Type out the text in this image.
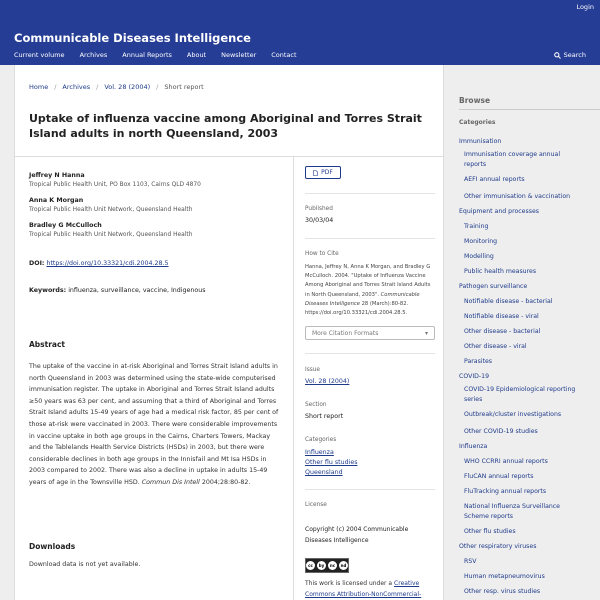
Login
Communicable Diseases Intelligence
Current volume Archives Annual Reports About Newsletter Contact	Search
Home / Archives / Vol. 28 (2004) / Short report
Uptake of influenza vaccine among Aboriginal and Torres Strait Island adults in north Queensland, 2003
Jeffrey N Hanna
Tropical Public Health Unit, PO Box 1103, Cairns QLD 4870
Anna K Morgan
Tropical Public Health Unit Network, Queensland Health
Bradley G McCulloch
Tropical Public Health Unit Network, Queensland Health
DOI: https://doi.org/10.33321/cdi.2004.28.5
Keywords: influenza, surveillance, vaccine, Indigenous
Abstract
The uptake of the vaccine in at-risk Aboriginal and Torres Strait Island adults in north Queensland in 2003 was determined using the state-wide computerised immunisation register. The uptake in Aboriginal and Torres Strait Island adults ≥50 years was 63 per cent, and assuming that a third of Aboriginal and Torres Strait Island adults 15-49 years of age had a medical risk factor, 85 per cent of those at-risk were vaccinated in 2003. There were considerable improvements in vaccine uptake in both age groups in the Cairns, Charters Towers, Mackay and the Tablelands Health Service Districts (HSDs) in 2003, but there were considerable declines in both age groups in the Innisfail and Mt Isa HSDs in 2003 compared to 2002. There was also a decline in uptake in adults 15-49 years of age in the Townsville HSD. Commun Dis Intell 2004;28:80-82.
Downloads
Download data is not yet available.
PDF
Published
30/03/04
How to Cite
Hanna, Jeffrey N, Anna K Morgan, and Bradley G McCulloch. 2004. "Uptake of Influenza Vaccine Among Aboriginal and Torres Strait Island Adults in North Queensland, 2003". Communicable Diseases Intelligence 28 (March):80-82. https://doi.org/10.33321/cdi.2004.28.5.
More Citation Formats	▾
Issue
Vol. 28 (2004)
Section
Short report
Categories
Influenza
Other flu studies
Queensland
License
Copyright (c) 2004 Communicable Diseases Intelligence
cc	by	nc	nd
This work is licensed under a Creative Commons Attribution-NonCommercial-
Browse
Categories
Immunisation
Immunisation coverage annual reports
AEFI annual reports
Other immunisation & vaccination
Equipment and processes
Training
Monitoring
Modelling
Public health measures
Pathogen surveillance
Notifiable disease - bacterial
Notifiable disease - viral
Other disease - bacterial
Other disease - viral
Parasites
COVID-19
COVID-19 Epidemiological reporting series
Outbreak/cluster investigations
Other COVID-19 studies
Influenza
WHO CCRRI annual reports
FluCAN annual reports
FluTracking annual reports
National Influenza Surveillance Scheme reports
Other flu studies
Other respiratory viruses
RSV
Human metapneumovirus
Other resp. virus studies
